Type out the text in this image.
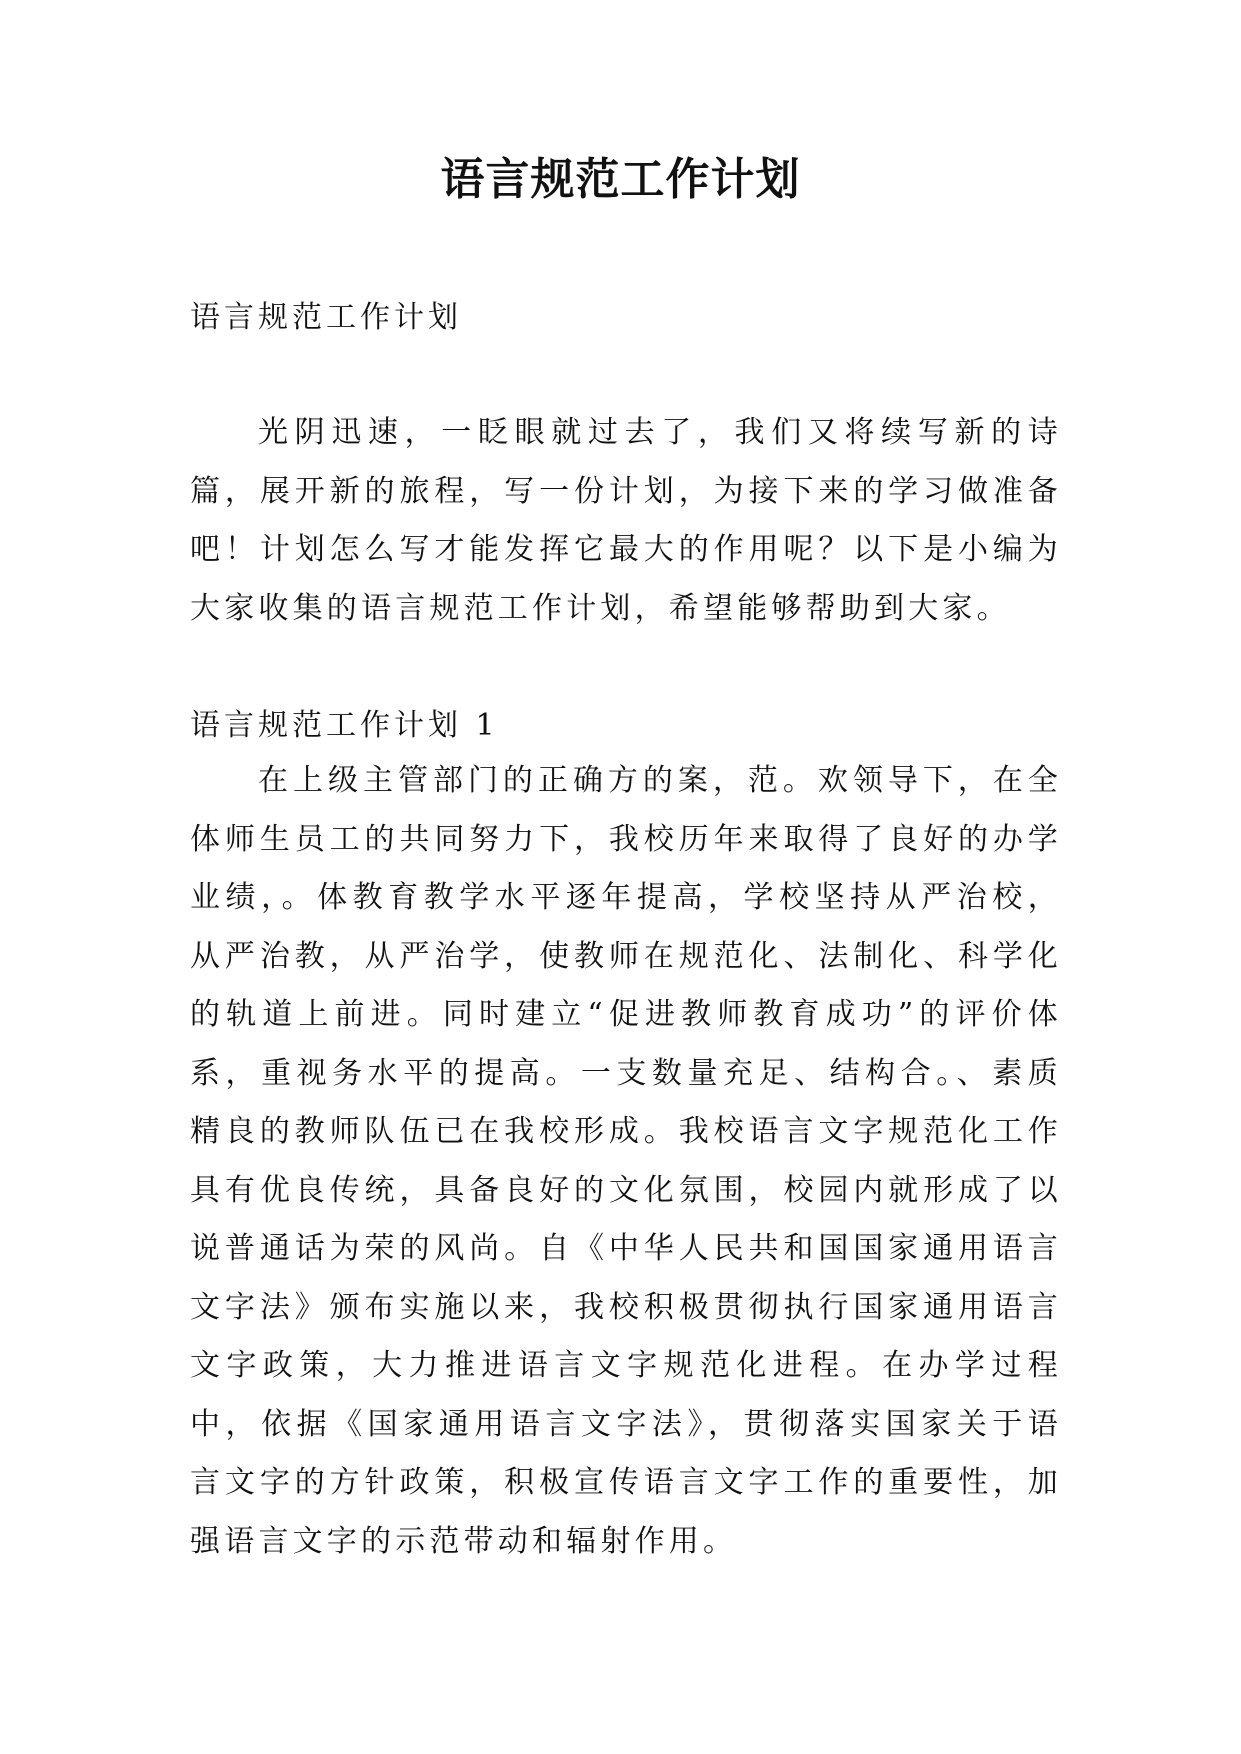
语言规范工作计划

语言规范工作计划

光阴迅速，一眨眼就过去了，我们又将续写新的诗篇，展开新的旅程，写一份计划，为接下来的学习做准备吧！计划怎么写才能发挥它最大的作用呢？以下是小编为大家收集的语言规范工作计划，希望能够帮助到大家。

语言规范工作计划 1

在上级主管部门的正确方的案，范。欢领导下，在全体师生员工的共同努力下，我校历年来取得了良好的办学业绩，。体教育教学水平逐年提高，学校坚持从严治校，从严治教，从严治学，使教师在规范化、法制化、科学化的轨道上前进。同时建立“促进教师教育成功”的评价体系，重视务水平的提高。一支数量充足、结构合。、素质精良的教师队伍已在我校形成。我校语言文字规范化工作具有优良传统，具备良好的文化氛围，校园内就形成了以说普通话为荣的风尚。自《中华人民共和国国家通用语言文字法》颁布实施以来，我校积极贯彻执行国家通用语言文字政策，大力推进语言文字规范化进程。在办学过程中，依据《国家通用语言文字法》，贯彻落实国家关于语言文字的方针政策，积极宣传语言文字工作的重要性，加强语言文字的示范带动和辐射作用。
